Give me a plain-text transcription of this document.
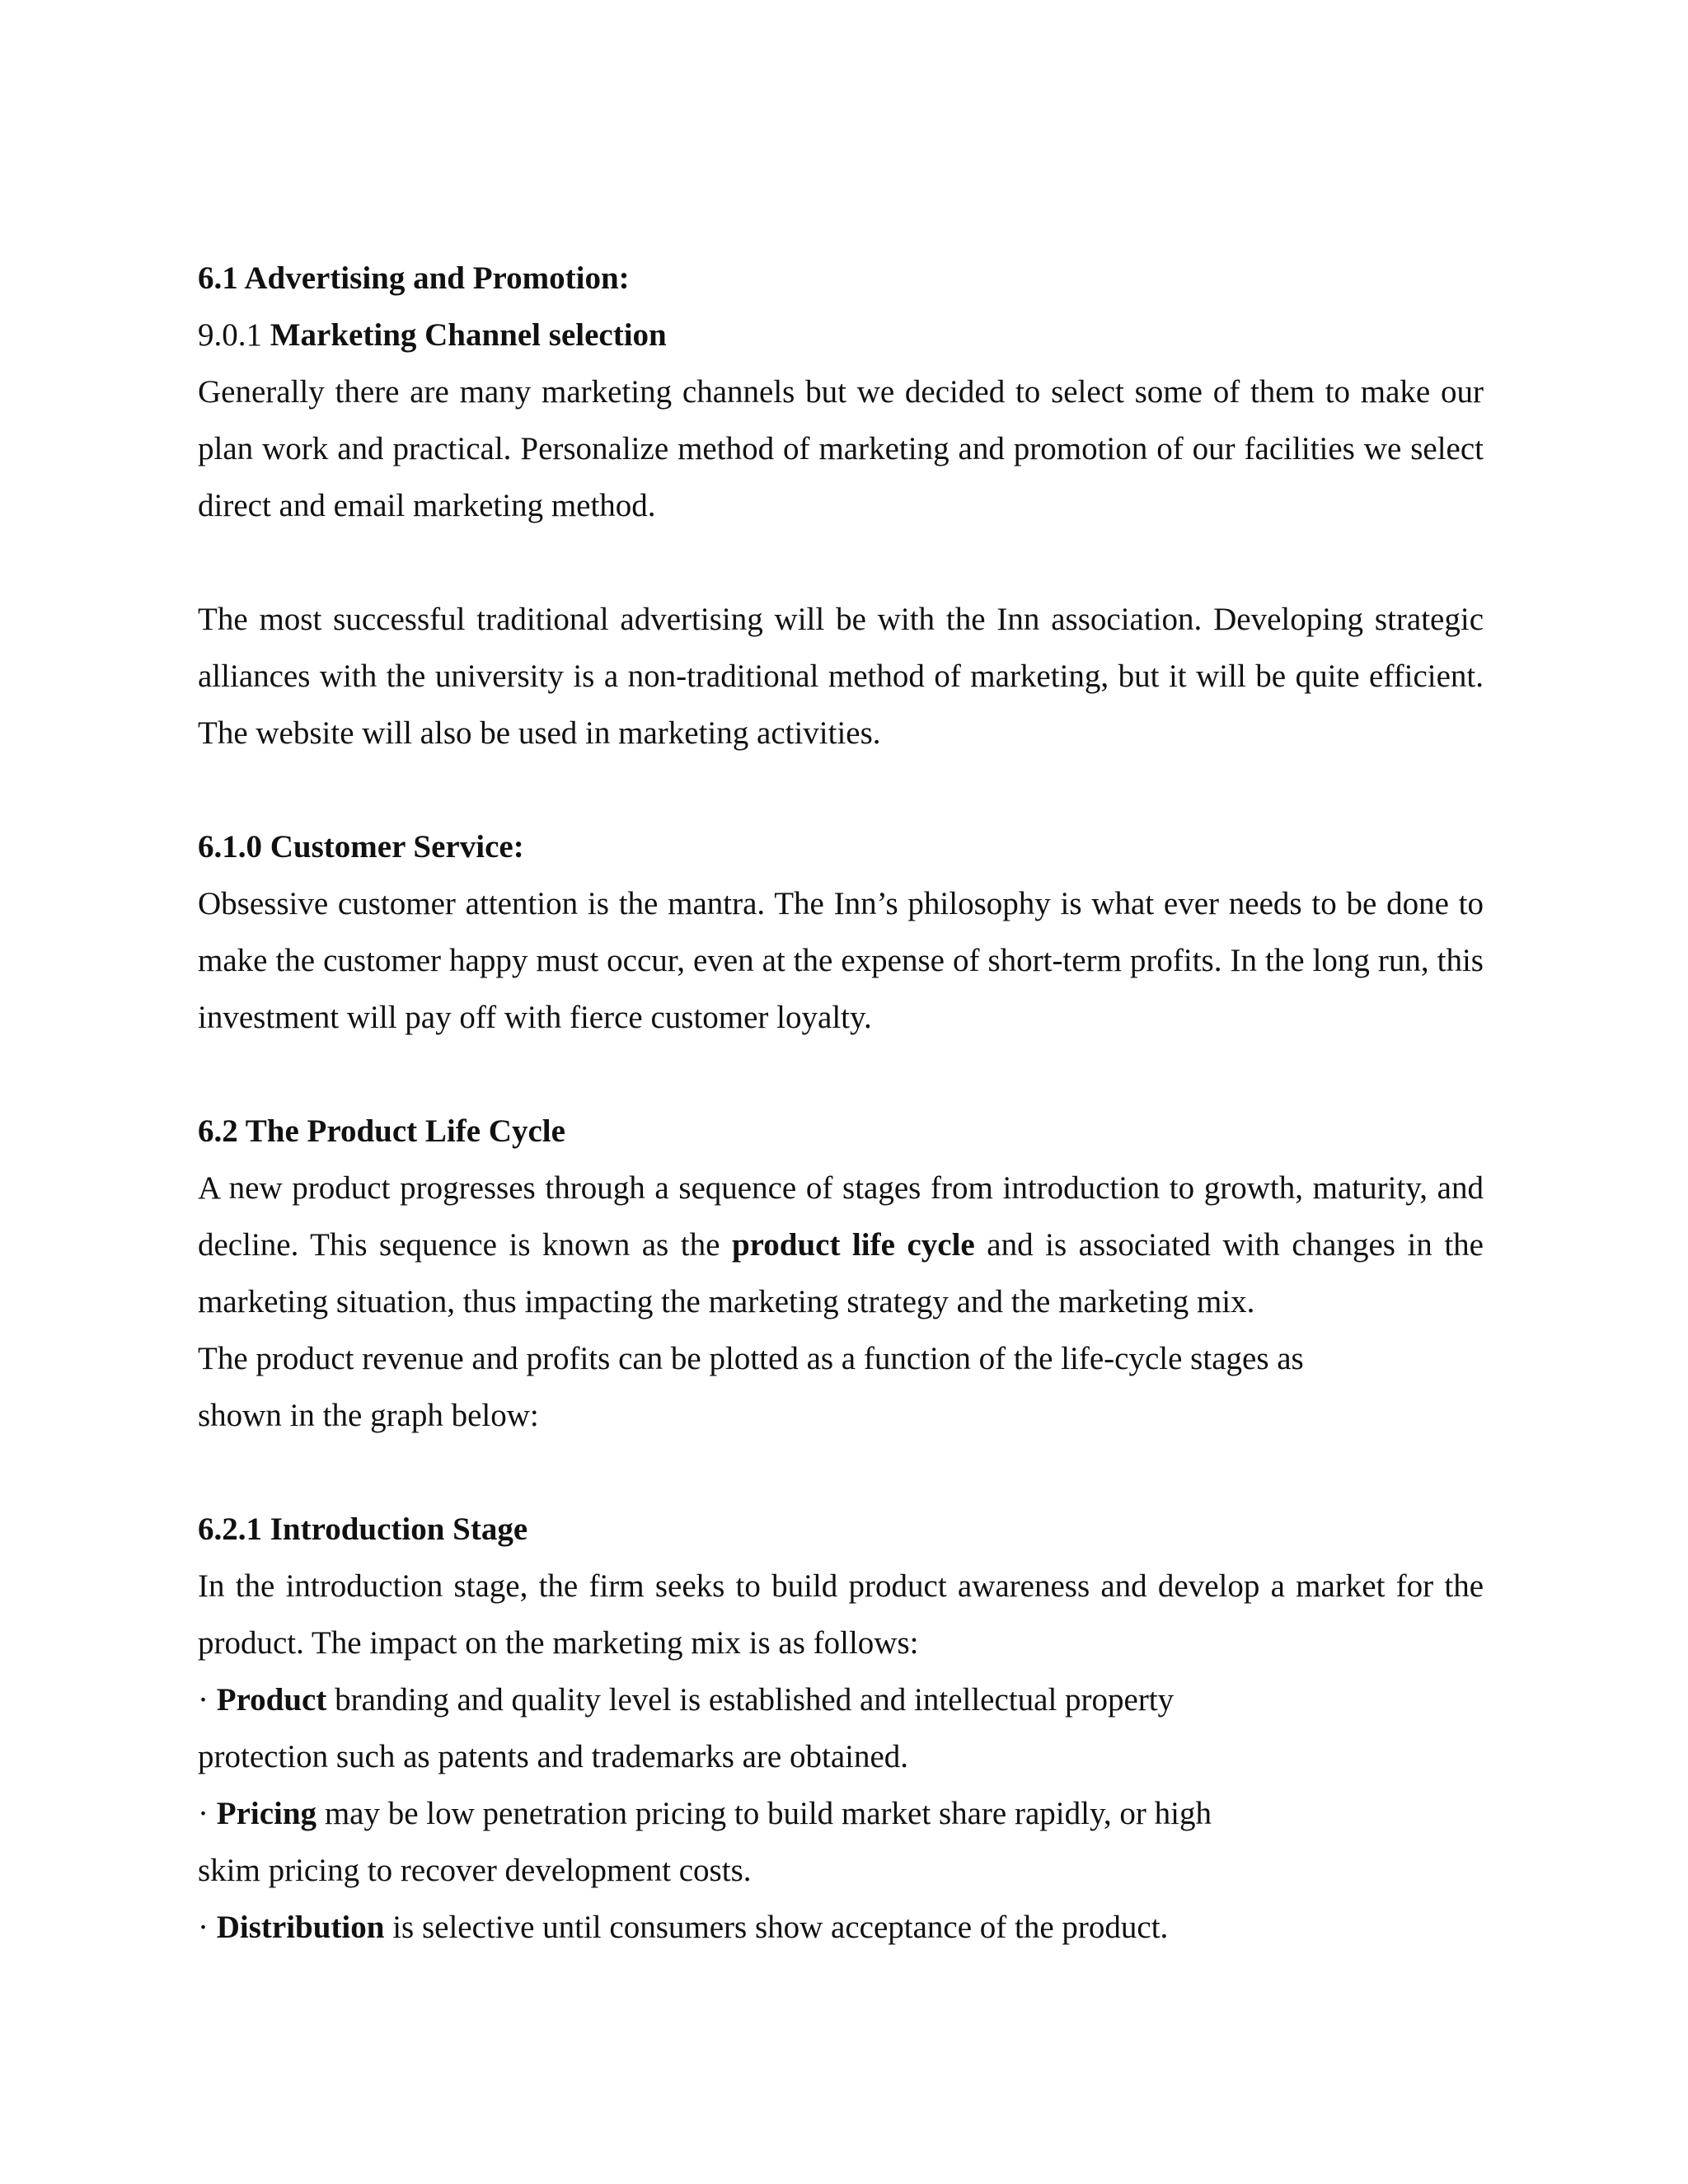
6.1 Advertising and Promotion:

9.0.1 Marketing Channel selection

Generally there are many marketing channels but we decided to select some of them to make our plan work and practical. Personalize method of marketing and promotion of our facilities we select direct and email marketing method.

The most successful traditional advertising will be with the Inn association. Developing strategic alliances with the university is a non-traditional method of marketing, but it will be quite efficient. The website will also be used in marketing activities.

6.1.0 Customer Service:

Obsessive customer attention is the mantra. The Inn’s philosophy is what ever needs to be done to make the customer happy must occur, even at the expense of short-term profits. In the long run, this investment will pay off with fierce customer loyalty.

6.2 The Product Life Cycle

A new product progresses through a sequence of stages from introduction to growth, maturity, and decline. This sequence is known as the product life cycle and is associated with changes in the marketing situation, thus impacting the marketing strategy and the marketing mix.

The product revenue and profits can be plotted as a function of the life-cycle stages as

shown in the graph below:

6.2.1 Introduction Stage

In the introduction stage, the firm seeks to build product awareness and develop a market for the product. The impact on the marketing mix is as follows:

· Product branding and quality level is established and intellectual property

protection such as patents and trademarks are obtained.

· Pricing may be low penetration pricing to build market share rapidly, or high

skim pricing to recover development costs.

· Distribution is selective until consumers show acceptance of the product.
